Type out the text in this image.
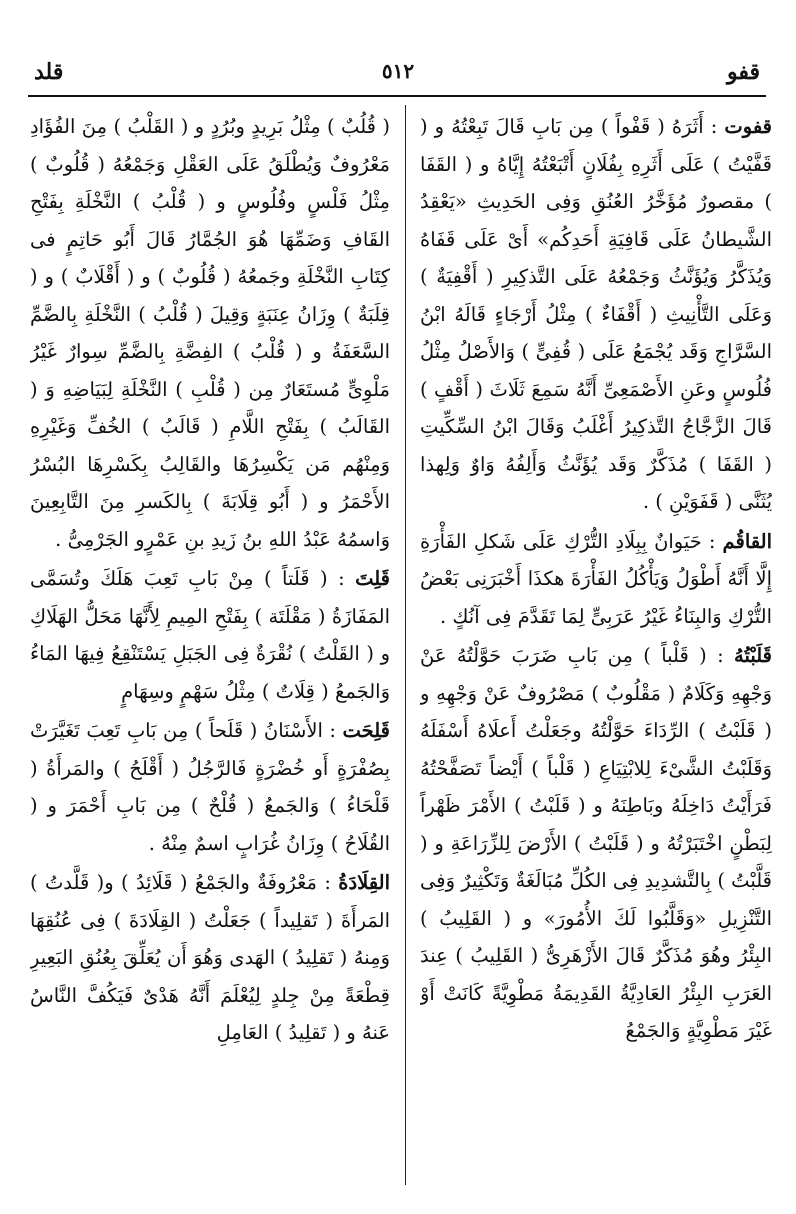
قفو
٥١٢
قلد

قفوت : أَثَرَهُ ( قَفْواً ) مِن بَابِ قَالَ تَبِعْتُهُ و ( قَفَّيْتُ ) عَلَى أَثَرِهِ بِفُلَانٍ أَتْبَعْتُهُ إِيَّاهُ و ( القَفَا ) مقصورٌ مُؤَخَّرُ العُنُقِ وَفِى الحَدِيثِ «يَعْقِدُ الشَّيطانُ عَلَى قَافِيَةِ أَحَدِكُم» أَىْ عَلَى قَفَاهُ وَيُذَكَّرُ وَيُؤَنَّثُ وَجَمْعُهُ عَلَى التَّذكِيرِ ( أَقْفِيَةٌ ) وَعَلَى التَّأْنِيثِ ( أَقْفَاءٌ ) مِثْلُ أَرْجَاءٍ قَالَهُ ابْنُ السَّرَّاجِ وَقَد يُجْمَعُ عَلَى ( قُفِىٍّ ) وَالأَصْلُ مِثْلُ فُلُوسٍ وعَنِ الأَصْمَعِىِّ أَنَّهُ سَمِعَ ثَلَاثَ ( أَقْفٍ ) قَالَ الزَّجَّاجُ التَّذكِيرُ أَغْلَبُ وَقَالَ ابْنُ السِّكِّيتِ ( القَفَا ) مُذَكَّرٌ وَقَد يُؤَنَّثُ وَأَلِفُهُ وَاوٌ وَلِهذا يُثَنَّى ( قَفَوَيْنِ ) .

القاقُم : حَيَوانٌ بِبِلَادِ التُّرْكِ عَلَى شَكلِ الفَأْرَةِ إِلَّا أَنَّهُ أَطْوَلُ وَيَأْكُلُ الفَأْرَةَ هكذَا أَخْبَرَنِى بَعْضُ التُّرْكِ وَالبِنَاءُ غَيْرُ عَرَبِىٍّ لِمَا تَقَدَّمَ فِى آنُكٍ .

قَلَبْتُهُ : ( قَلْباً ) مِن بَابِ ضَرَبَ حَوَّلْتُهُ عَنْ وَجْهِهِ وَكَلَامٌ ( مَقْلُوبٌ ) مَصْرُوفٌ عَنْ وَجْهِهِ و ( قَلَبْتُ ) الرِّدَاءَ حَوَّلْتُهُ وجَعَلْتُ أَعلَاهُ أَسْفَلَهُ وَقَلَبْتُ الشَّىْءَ لِلابْتِيَاعِ ( قَلْباً ) أَيْضاً تَصَفَّحْتُهُ فَرَأَيْتُ دَاخِلَهُ وبَاطِنَهُ و ( قَلَبْتُ ) الأَمْرَ ظَهْراً لِبَطْنٍ اخْتَبَرْتُهُ و ( قَلَبْتُ ) الأَرْضَ لِلزِّرَاعَةِ و ( قَلَّبْتُ ) بِالتَّشدِيدِ فِى الكُلِّ مُبَالَغَةٌ وَتَكْثِيرٌ وَفِى التَّنْزِيلِ «وَقَلَّبُوا لَكَ الأُمُورَ» و ( القَلِيبُ ) البِئْرُ وهُوَ مُذَكَّرٌ قَالَ الأَزْهَرِىُّ ( القَلِيبُ ) عِندَ العَرَبِ البِئْرُ العَادِيَّةُ القَدِيمَةُ مَطْوِيَّةً كَانَتْ أَوْ غَيْرَ مَطْوِيَّةٍ وَالجَمْعُ

( قُلُبٌ ) مِثْلُ بَرِيدٍ وبُرُدٍ و ( القَلْبُ ) مِنَ الفُؤَادِ مَعْرُوفٌ وَيُطْلَقُ عَلَى العَقْلِ وَجَمْعُهُ ( قُلُوبٌ ) مِثْلُ فَلْسٍ وفُلُوسٍ و ( قُلْبُ ) النَّخْلَةِ بِفَتْحِ القَافِ وَضَمِّهَا هُوَ الجُمَّارُ قَالَ أَبُو حَاتِمٍ فى كِتَابِ النَّخْلَةِ وجَمعُهُ ( قُلُوبٌ ) و ( أَقْلَابٌ ) و ( قِلَبَةٌ ) وِزَانُ عِنَبَةٍ وَقِيلَ ( قُلْبُ ) النَّخْلَةِ بِالضَّمِّ السَّعَفَةُ و ( قُلْبُ ) الفِضَّةِ بِالضَّمِّ سِوارٌ غَيْرُ مَلْوِىٍّ مُستَعَارٌ مِن ( قُلْبِ ) النَّخْلَةِ لِبَيَاضِهِ وَ ( القَالَبُ ) بِفَتْحِ اللَّامِ ( قَالَبُ ) الخُفِّ وَغَيْرِهِ وَمِنْهُم مَن يَكْسِرُهَا والقَالِبُ بِكَسْرِهَا البُسْرُ الأَحْمَرُ و ( أَبُو قِلَابَةَ ) بِالكَسرِ مِنَ التَّابِعِينَ وَاسمُهُ عَبْدُ اللهِ بنُ زَيدِ بنِ عَمْرٍو الجَرْمِىُّ .

قَلِتَ : ( قَلَتاً ) مِنْ بَابِ تَعِبَ هَلَكَ وتُسَمَّى المَفَازَةُ ( مَقْلَتَة ) بِفَتْحِ المِيمِ لِأَنَّهَا مَحَلُّ الهَلَاكِ و ( القَلْتُ ) نُقْرَةٌ فِى الجَبَلِ يَسْتَنْقِعُ فِيهَا المَاءُ وَالجَمعُ ( قِلَاتٌ ) مِثْلُ سَهْمٍ وسِهَامٍ

قَلِحَت : الأَسْنَانُ ( قَلَحاً ) مِن بَابِ تَعِبَ تَغَيَّرَتْ بِصُفْرَةٍ أَو خُضْرَةٍ فَالرَّجُلُ ( أَقْلَحُ ) والمَرأَةُ ( قَلْحَاءُ ) وَالجَمعُ ( قُلْحٌ ) مِن بَابِ أَحْمَرَ و ( القُلَاحُ ) وِزَانُ غُرَابٍ اسمٌ مِنْهُ .

القِلَادَةُ : مَعْرُوفَةٌ والجَمْعُ ( قَلَائِدُ ) و( قَلَّدتُ ) المَرأَةَ ( تَقلِيداً ) جَعَلْتُ ( القِلَادَةَ ) فِى عُنُقِهَا وَمِنهُ ( تَقلِيدُ ) الهَدى وَهُوَ أَن يُعَلِّقَ بِعُنُقِ البَعِيرِ قِطْعَةً مِنْ جِلدٍ لِيُعْلَمَ أَنَّهُ هَدْىٌ فَيَكُفَّ النَّاسُ عَنهُ و ( تَقلِيدُ ) العَامِلِ
